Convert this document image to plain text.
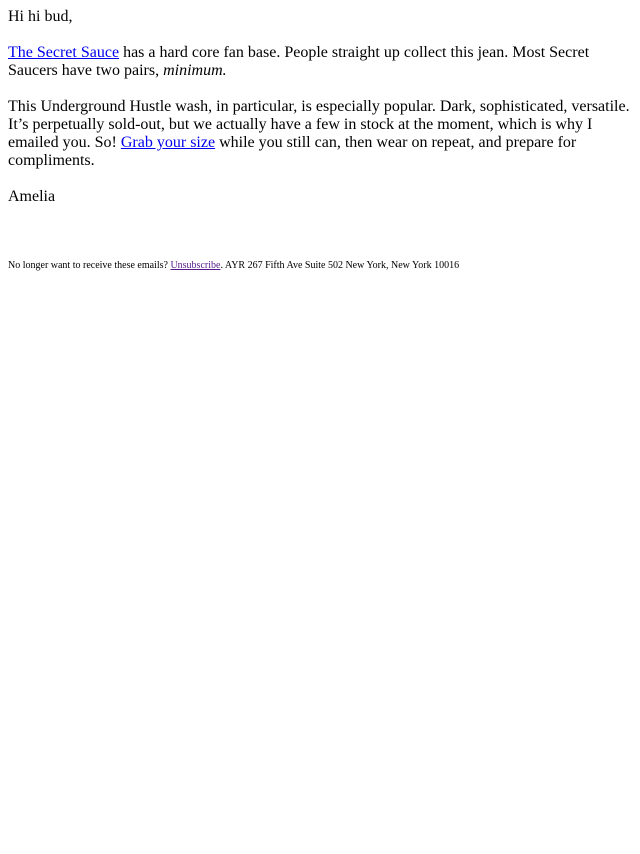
Hi hi bud,

The Secret Sauce has a hard core fan base. People straight up collect this jean. Most Secret Saucers have two pairs, minimum.

This Underground Hustle wash, in particular, is especially popular. Dark, sophisticated, versatile. It’s perpetually sold-out, but we actually have a few in stock at the moment, which is why I emailed you. So! Grab your size while you still can, then wear on repeat, and prepare for compliments.

Amelia

No longer want to receive these emails? Unsubscribe. AYR 267 Fifth Ave Suite 502 New York, New York 10016
